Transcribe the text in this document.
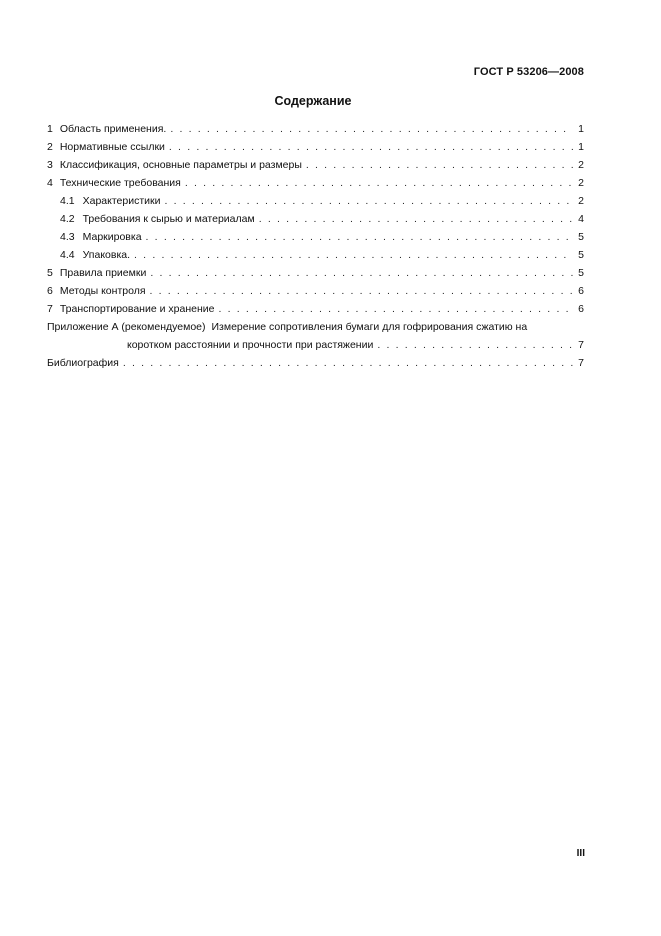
ГОСТ Р 53206—2008
Содержание
1 Область применения. . . .	1
2 Нормативные ссылки . . .	1
3 Классификация, основные параметры и размеры . . .	2
4 Технические требования . . .	2
4.1 Характеристики . . .	2
4.2 Требования к сырью и материалам . . .	4
4.3 Маркировка . . .	5
4.4 Упаковка. . . .	5
5 Правила приемки . . .	5
6 Методы контроля . . .	6
7 Транспортирование и хранение . . .	6
Приложение А (рекомендуемое) Измерение сопротивления бумаги для гофрирования сжатию на
коротком расстоянии и прочности при растяжении . . .	7
Библиография . . .	7
III
